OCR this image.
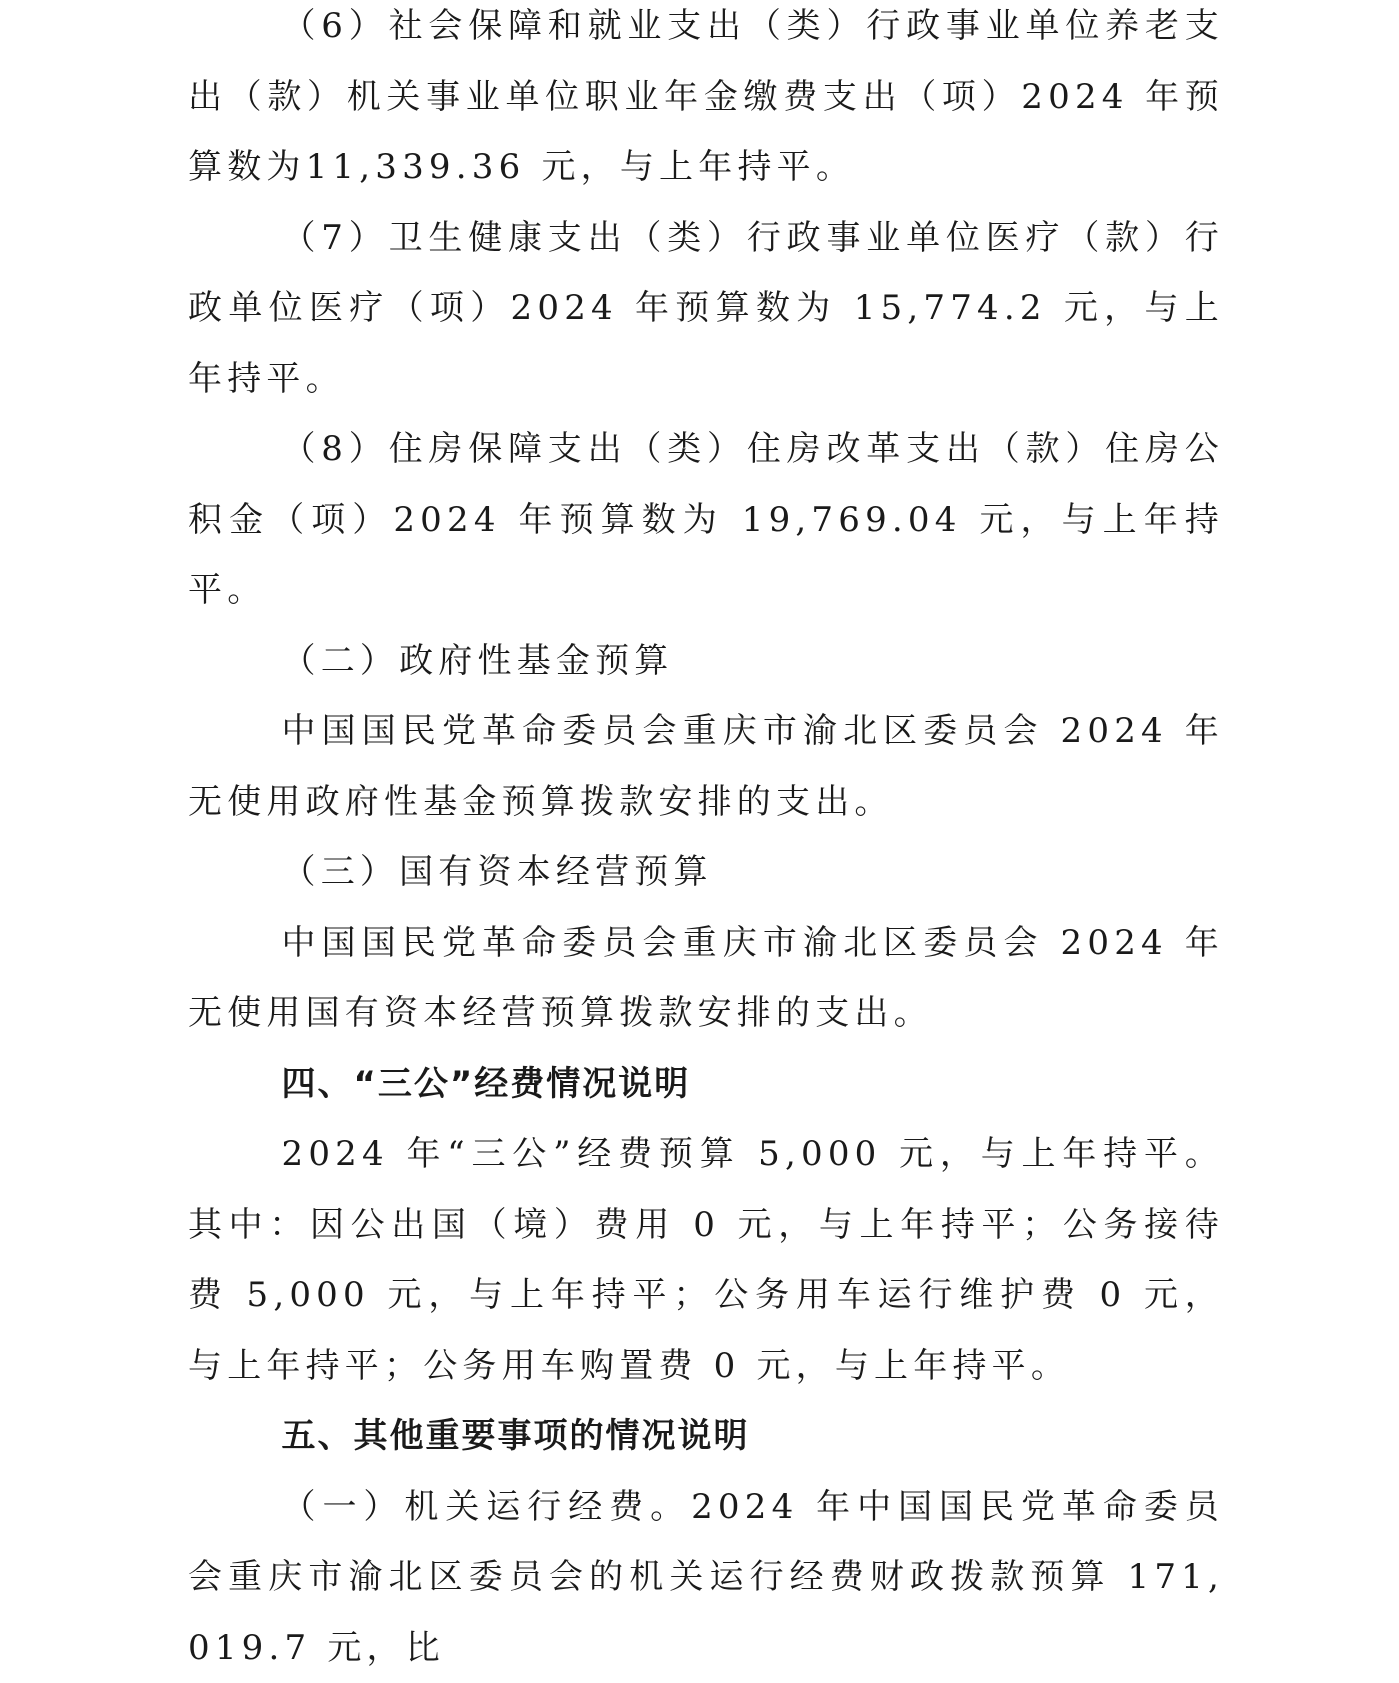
（6）社会保障和就业支出（类）行政事业单位养老支出（款）机关事业单位职业年金缴费支出（项）2024 年预算数为11,339.36 元，与上年持平。

（7）卫生健康支出（类）行政事业单位医疗（款）行政单位医疗（项）2024 年预算数为 15,774.2 元，与上年持平。

（8）住房保障支出（类）住房改革支出（款）住房公积金（项）2024 年预算数为 19,769.04 元，与上年持平。

（二）政府性基金预算

中国国民党革命委员会重庆市渝北区委员会 2024 年无使用政府性基金预算拨款安排的支出。

（三）国有资本经营预算

中国国民党革命委员会重庆市渝北区委员会 2024 年无使用国有资本经营预算拨款安排的支出。

四、“三公”经费情况说明

2024 年“三公”经费预算 5,000 元，与上年持平。其中：因公出国（境）费用 0 元，与上年持平；公务接待费 5,000 元，与上年持平；公务用车运行维护费 0 元，与上年持平；公务用车购置费 0 元，与上年持平。

五、其他重要事项的情况说明

（一）机关运行经费。2024 年中国国民党革命委员会重庆市渝北区委员会的机关运行经费财政拨款预算 171,019.7 元，比
